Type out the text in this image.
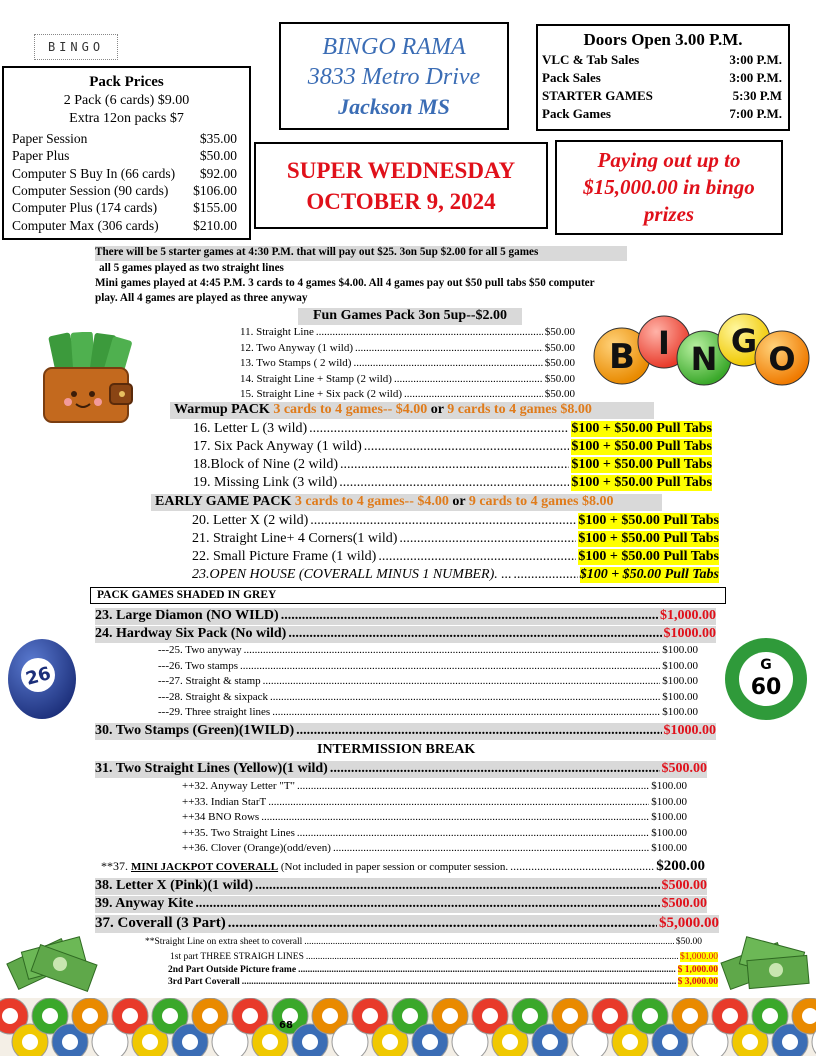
BINGO
Pack Prices
2 Pack (6 cards) $9.00
Extra 12on packs $7
Paper Session	$35.00
Paper Plus	$50.00
Computer S Buy In (66 cards) $92.00
Computer Session (90 cards) $106.00
Computer Plus (174 cards)	$155.00
Computer Max (306 cards)	$210.00
BINGO RAMA
3833 Metro Drive
Jackson MS
Doors Open 3.00 P.M.
VLC & Tab Sales	3:00 P.M.
Pack Sales	3:00 P.M.
STARTER GAMES	5:30 P.M
Pack Games	7:00 P.M.
SUPER WEDNESDAY
OCTOBER 9, 2024
Paying out up to
$15,000.00 in bingo
prizes
There will be 5 starter games at 4:30 P.M. that will pay out $25. 3on 5up $2.00 for all 5 games
all 5 games played as two straight lines
Mini games played at 4:45 P.M. 3 cards to 4 games $4.00. All 4 games pay out $50 pull tabs $50 computer
play. All 4 games are played as three anyway
Fun Games Pack 3on 5up--$2.00
11. Straight Line .....	$50.00
12. Two Anyway (1 wild) .....	$50.00
13. Two Stamps ( 2 wild) .....	$50.00
14. Straight Line + Stamp (2 wild) .....	$50.00
15. Straight Line + Six pack (2 wild) .....	$50.00
B I N G O
Warmup PACK 3 cards to 4 games-- $4.00 or 9 cards to 4 games $8.00
16. Letter L (3 wild) .....	$100 + $50.00 Pull Tabs
17. Six Pack Anyway (1 wild) .....	$100 + $50.00 Pull Tabs
18.Block of Nine (2 wild) .....	$100 + $50.00 Pull Tabs
19. Missing Link (3 wild) .....	$100 + $50.00 Pull Tabs
EARLY GAME PACK 3 cards to 4 games-- $4.00 or 9 cards to 4 games $8.00
20. Letter X (2 wild) .....	$100 + $50.00 Pull Tabs
21. Straight Line+ 4 Corners(1 wild) .....	$100 + $50.00 Pull Tabs
22. Small Picture Frame (1 wild) .....	$100 + $50.00 Pull Tabs
23.OPEN HOUSE (COVERALL MINUS 1 NUMBER). ... .....	$100 + $50.00 Pull Tabs
PACK GAMES SHADED IN GREY
23. Large Diamon (NO WILD) .....	$1,000.00
24. Hardway Six Pack (No wild) .....	$1000.00
---25. Two anyway .....	$100.00
---26. Two stamps .....	$100.00
---27. Straight & stamp .....	$100.00
---28. Straight & sixpack .....	$100.00
---29. Three straight lines .....	$100.00
30. Two Stamps (Green)(1WILD) .....	$1000.00
INTERMISSION BREAK
31. Two Straight Lines (Yellow)(1 wild) .....	$500.00
++32. Anyway Letter "T" .....	$100.00
++33. Indian StarT .....	$100.00
++34 BNO Rows .....	$100.00
++35. Two Straight Lines .....	$100.00
++36. Clover (Orange)(odd/even) .....	$100.00
**37. MINI JACKPOT COVERALL (Not included in paper session or computer session. .....	$200.00
38. Letter X (Pink)(1 wild) .....	$500.00
39. Anyway Kite .....	$500.00
37. Coverall (3 Part) .....	$5,000.00
**Straight Line on extra sheet to coverall .....	$50.00
1st part THREE STRAIGH LINES .....	$1,000.00
2nd Part Outside Picture frame .....	$ 1,000.00
3rd Part Coverall .....	$ 3,000.00
26	G
60
68
